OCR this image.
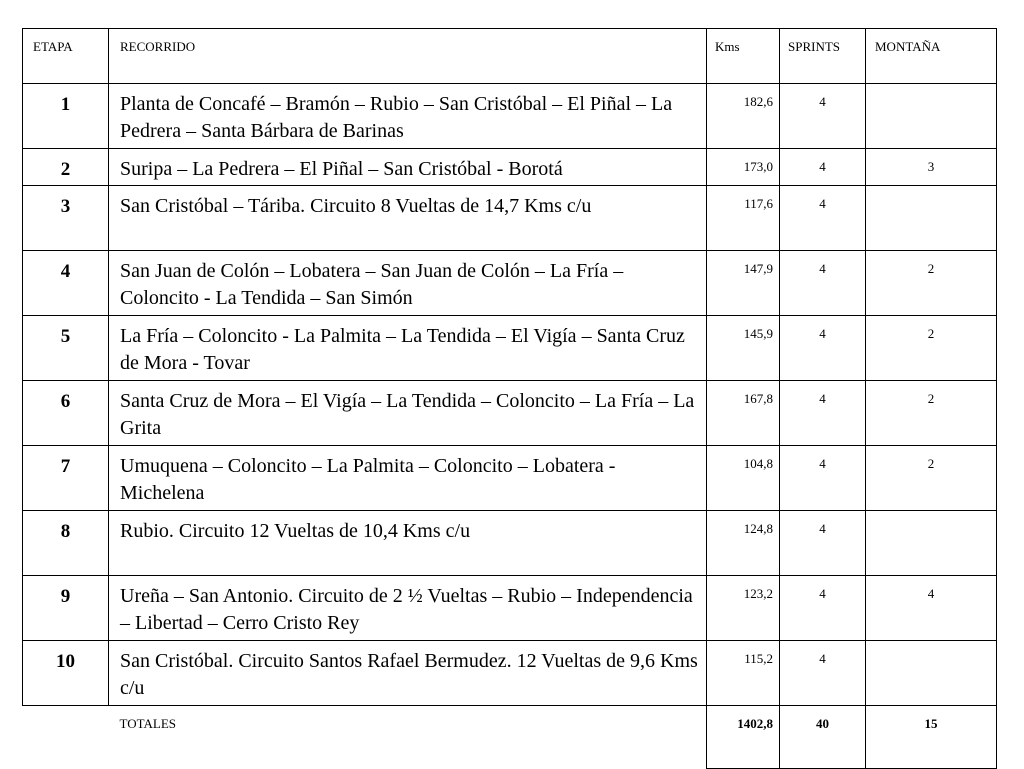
ETAPA	RECORRIDO	Kms	SPRINTS	MONTAÑA

1	Planta de Concafé – Bramón – Rubio – San Cristóbal – El Piñal – La Pedrera – Santa Bárbara de Barinas	182,6	4	

2	Suripa – La Pedrera – El Piñal – San Cristóbal - Borotá	173,0	4	3

3	San Cristóbal – Táriba. Circuito 8 Vueltas de 14,7 Kms c/u	117,6	4	

4	San Juan de Colón – Lobatera – San Juan de Colón – La Fría – Coloncito - La Tendida – San Simón	147,9	4	2

5	La Fría – Coloncito - La Palmita – La Tendida – El Vigía – Santa Cruz de Mora - Tovar	145,9	4	2

6	Santa Cruz de Mora – El Vigía – La Tendida – Coloncito – La Fría – La Grita	167,8	4	2

7	Umuquena – Coloncito – La Palmita – Coloncito – Lobatera - Michelena	104,8	4	2

8	Rubio. Circuito 12 Vueltas de 10,4 Kms c/u	124,8	4	

9	Ureña – San Antonio. Circuito de 2 ½ Vueltas – Rubio – Independencia – Libertad – Cerro Cristo Rey	123,2	4	4

10	San Cristóbal. Circuito Santos Rafael Bermudez. 12 Vueltas de 9,6 Kms c/u	115,2	4	

	TOTALES	1402,8	40	15
